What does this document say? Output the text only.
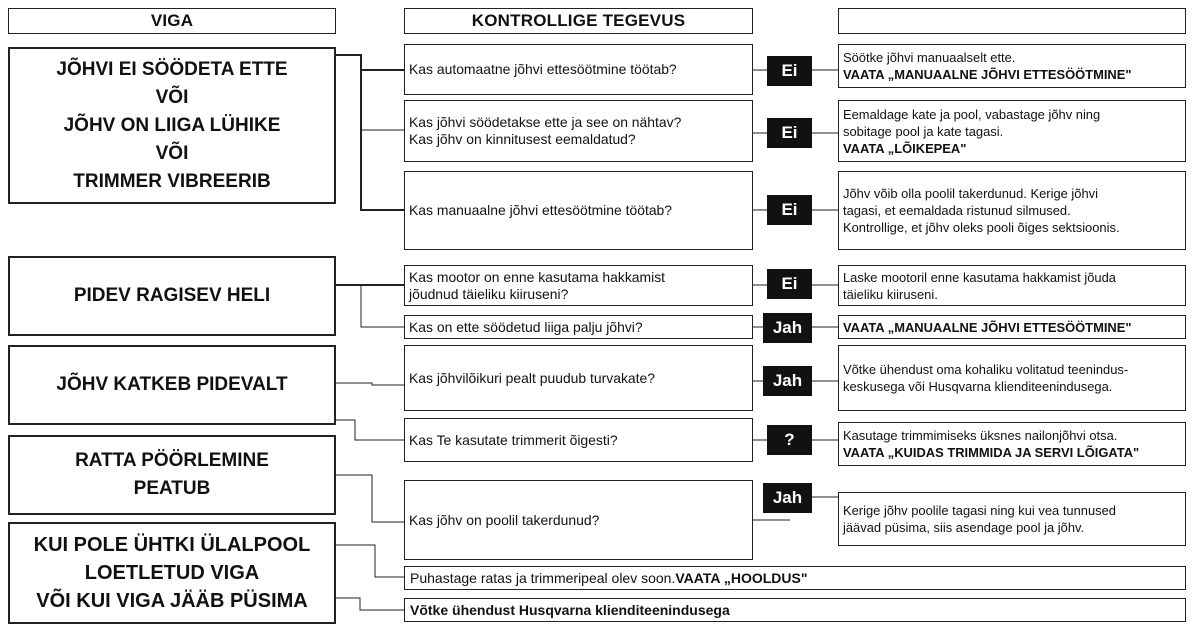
VIGA	KONTROLLIGE TEGEVUS
JÕHVI EI SÖÖDETA ETTE
VÕI
JÕHV ON LIIGA LÜHIKE
VÕI
TRIMMER VIBREERIB
PIDEV RAGISEV HELI
JÕHV KATKEB PIDEVALT
RATTA PÖÖRLEMINE
PEATUB
KUI POLE ÜHTKI ÜLALPOOL
LOETLETUD VIGA
VÕI KUI VIGA JÄÄB PÜSIMA
Kas automaatne jõhvi ettesöötmine töötab?
Kas jõhvi söödetakse ette ja see on nähtav?
Kas jõhv on kinnitusest eemaldatud?
Kas manuaalne jõhvi ettesöötmine töötab?
Kas mootor on enne kasutama hakkamist
jõudnud täieliku kiiruseni?
Kas on ette söödetud liiga palju jõhvi?
Kas jõhvilõikuri pealt puudub turvakate?
Kas Te kasutate trimmerit õigesti?
Kas jõhv on poolil takerdunud?
Ei
Ei
Ei
Ei
Jah
Jah
?
Jah
Söötke jõhvi manuaalselt ette.
VAATA „MANUAALNE JÕHVI ETTESÖÖTMINE"
Eemaldage kate ja pool, vabastage jõhv ning
sobitage pool ja kate tagasi.
VAATA „LÕIKEPEA"
Jõhv võib olla poolil takerdunud. Kerige jõhvi
tagasi, et eemaldada ristunud silmused.
Kontrollige, et jõhv oleks pooli õiges sektsioonis.
Laske mootoril enne kasutama hakkamist jõuda
täieliku kiiruseni.
VAATA „MANUAALNE JÕHVI ETTESÖÖTMINE"
Võtke ühendust oma kohaliku volitatud teenindus-
keskusega või Husqvarna klienditeenindusega.
Kasutage trimmimiseks üksnes nailonjõhvi otsa.
VAATA „KUIDAS TRIMMIDA JA SERVI LÕIGATA"
Kerige jõhv poolile tagasi ning kui vea tunnused
jäävad püsima, siis asendage pool ja jõhv.
Puhastage ratas ja trimmeripeal olev soon. VAATA „HOOLDUS"
Võtke ühendust Husqvarna klienditeenindusega
